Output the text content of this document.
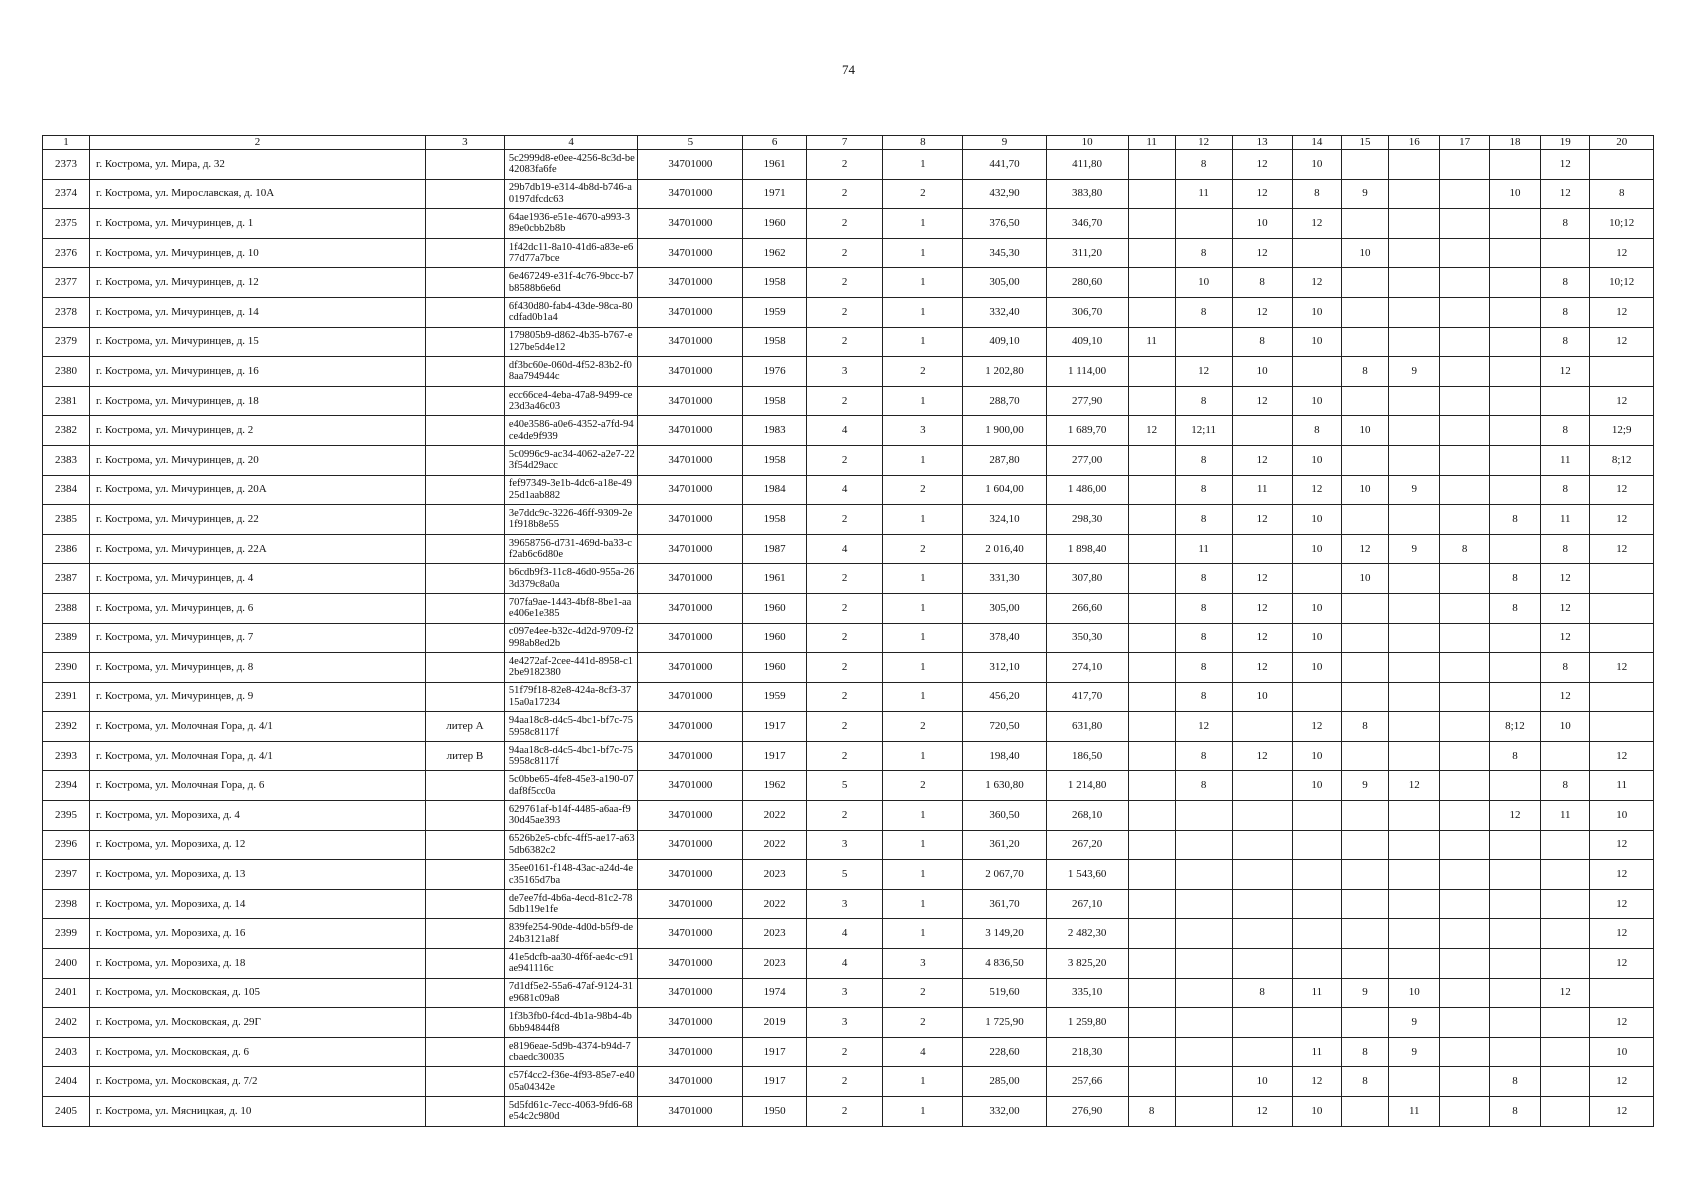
74
1	2	3	4	5	6	7	8	9	10	11	12	13	14	15	16	17	18	19	20
2373	г. Кострома, ул. Мира, д. 32		5c2999d8-e0ee-4256-8c3d-be42083fa6fe	34701000	1961	2	1	441,70	411,80		8	12	10					12	
2374	г. Кострома, ул. Мирославская, д. 10А		29b7db19-e314-4b8d-b746-a0197dfcdc63	34701000	1971	2	2	432,90	383,80		11	12	8	9			10	12	8
2375	г. Кострома, ул. Мичуринцев, д. 1		64ae1936-e51e-4670-a993-389e0cbb2b8b	34701000	1960	2	1	376,50	346,70			10	12					8	10;12
2376	г. Кострома, ул. Мичуринцев, д. 10		1f42dc11-8a10-41d6-a83e-e677d77a7bce	34701000	1962	2	1	345,30	311,20		8	12		10					12
2377	г. Кострома, ул. Мичуринцев, д. 12		6e467249-e31f-4c76-9bcc-b7b8588b6e6d	34701000	1958	2	1	305,00	280,60		10	8	12					8	10;12
2378	г. Кострома, ул. Мичуринцев, д. 14		6f430d80-fab4-43de-98ca-80cdfad0b1a4	34701000	1959	2	1	332,40	306,70		8	12	10					8	12
2379	г. Кострома, ул. Мичуринцев, д. 15		179805b9-d862-4b35-b767-e127be5d4e12	34701000	1958	2	1	409,10	409,10	11		8	10					8	12
2380	г. Кострома, ул. Мичуринцев, д. 16		df3bc60e-060d-4f52-83b2-f08aa794944c	34701000	1976	3	2	1 202,80	1 114,00		12	10		8	9			12	
2381	г. Кострома, ул. Мичуринцев, д. 18		ecc66ce4-4eba-47a8-9499-ce23d3a46c03	34701000	1958	2	1	288,70	277,90		8	12	10						12
2382	г. Кострома, ул. Мичуринцев, д. 2		e40e3586-a0e6-4352-a7fd-94ce4de9f939	34701000	1983	4	3	1 900,00	1 689,70	12	12;11		8	10				8	12;9
2383	г. Кострома, ул. Мичуринцев, д. 20		5c0996c9-ac34-4062-a2e7-223f54d29acc	34701000	1958	2	1	287,80	277,00		8	12	10					11	8;12
2384	г. Кострома, ул. Мичуринцев, д. 20А		fef97349-3e1b-4dc6-a18e-4925d1aab882	34701000	1984	4	2	1 604,00	1 486,00		8	11	12	10	9			8	12
2385	г. Кострома, ул. Мичуринцев, д. 22		3e7ddc9c-3226-46ff-9309-2e1f918b8e55	34701000	1958	2	1	324,10	298,30		8	12	10				8	11	12
2386	г. Кострома, ул. Мичуринцев, д. 22А		39658756-d731-469d-ba33-cf2ab6c6d80e	34701000	1987	4	2	2 016,40	1 898,40		11		10	12	9	8		8	12
2387	г. Кострома, ул. Мичуринцев, д. 4		b6cdb9f3-11c8-46d0-955a-263d379c8a0a	34701000	1961	2	1	331,30	307,80		8	12		10			8	12	
2388	г. Кострома, ул. Мичуринцев, д. 6		707fa9ae-1443-4bf8-8be1-aae406e1e385	34701000	1960	2	1	305,00	266,60		8	12	10				8	12	
2389	г. Кострома, ул. Мичуринцев, д. 7		c097e4ee-b32c-4d2d-9709-f2998ab8ed2b	34701000	1960	2	1	378,40	350,30		8	12	10					12	
2390	г. Кострома, ул. Мичуринцев, д. 8		4e4272af-2cee-441d-8958-c12be9182380	34701000	1960	2	1	312,10	274,10		8	12	10					8	12
2391	г. Кострома, ул. Мичуринцев, д. 9		51f79f18-82e8-424a-8cf3-3715a0a17234	34701000	1959	2	1	456,20	417,70		8	10						12	
2392	г. Кострома, ул. Молочная Гора, д. 4/1	литер А	94aa18c8-d4c5-4bc1-bf7c-755958c8117f	34701000	1917	2	2	720,50	631,80		12		12	8			8;12	10	
2393	г. Кострома, ул. Молочная Гора, д. 4/1	литер В	94aa18c8-d4c5-4bc1-bf7c-755958c8117f	34701000	1917	2	1	198,40	186,50		8	12	10				8		12
2394	г. Кострома, ул. Молочная Гора, д. 6		5c0bbe65-4fe8-45e3-a190-07daf8f5cc0a	34701000	1962	5	2	1 630,80	1 214,80		8		10	9	12			8	11
2395	г. Кострома, ул. Морозиха, д. 4		629761af-b14f-4485-a6aa-f930d45ae393	34701000	2022	2	1	360,50	268,10								12	11	10
2396	г. Кострома, ул. Морозиха, д. 12		6526b2e5-cbfc-4ff5-ae17-a635db6382c2	34701000	2022	3	1	361,20	267,20										12
2397	г. Кострома, ул. Морозиха, д. 13		35ee0161-f148-43ac-a24d-4ec35165d7ba	34701000	2023	5	1	2 067,70	1 543,60										12
2398	г. Кострома, ул. Морозиха, д. 14		de7ee7fd-4b6a-4ecd-81c2-785db119e1fe	34701000	2022	3	1	361,70	267,10										12
2399	г. Кострома, ул. Морозиха, д. 16		839fe254-90de-4d0d-b5f9-de24b3121a8f	34701000	2023	4	1	3 149,20	2 482,30										12
2400	г. Кострома, ул. Морозиха, д. 18		41e5dcfb-aa30-4f6f-ae4c-c91ae941116c	34701000	2023	4	3	4 836,50	3 825,20										12
2401	г. Кострома, ул. Московская, д. 105		7d1df5e2-55a6-47af-9124-31e9681c09a8	34701000	1974	3	2	519,60	335,10			8	11	9	10			12	
2402	г. Кострома, ул. Московская, д. 29Г		1f3b3fb0-f4cd-4b1a-98b4-4b6bb94844f8	34701000	2019	3	2	1 725,90	1 259,80						9				12
2403	г. Кострома, ул. Московская, д. 6		e8196eae-5d9b-4374-b94d-7cbaedc30035	34701000	1917	2	4	228,60	218,30				11	8	9				10
2404	г. Кострома, ул. Московская, д. 7/2		c57f4cc2-f36e-4f93-85e7-e4005a04342e	34701000	1917	2	1	285,00	257,66			10	12	8			8		12
2405	г. Кострома, ул. Мясницкая, д. 10		5d5fd61c-7ecc-4063-9fd6-68e54c2c980d	34701000	1950	2	1	332,00	276,90	8		12	10		11		8		12
